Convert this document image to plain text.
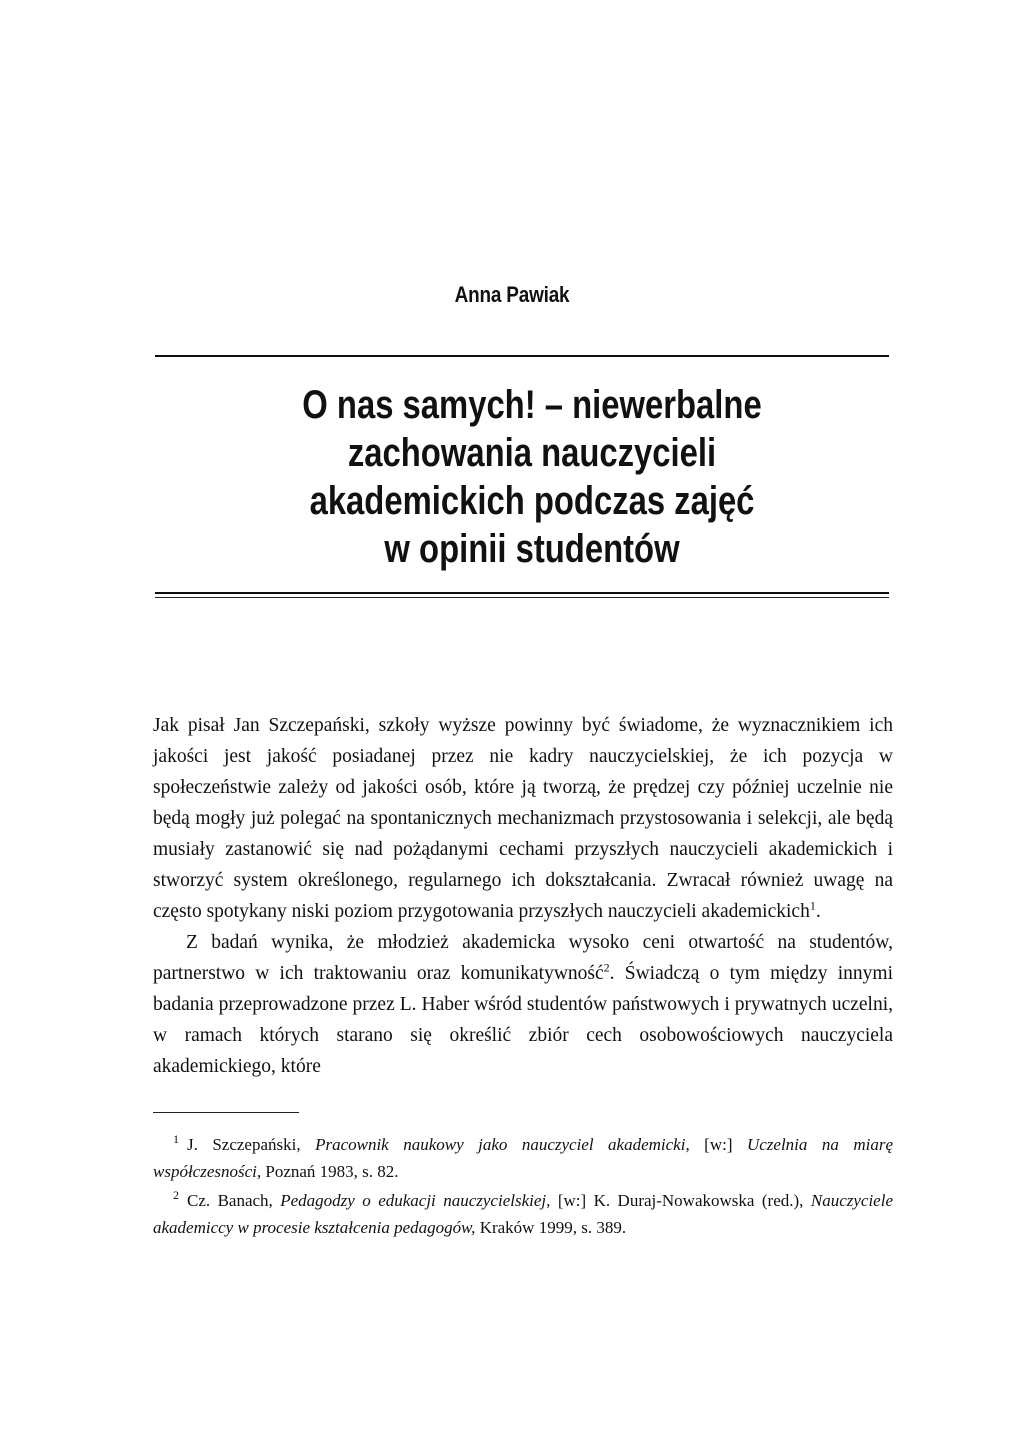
Anna Pawiak
O nas samych! – niewerbalne
zachowania nauczycieli
akademickich podczas zajęć
w opinii studentów

Jak pisał Jan Szczepański, szkoły wyższe powinny być świadome, że wyznacznikiem ich jakości jest jakość posiadanej przez nie kadry nauczycielskiej, że ich pozycja w społeczeństwie zależy od jakości osób, które ją tworzą, że prędzej czy później uczelnie nie będą mogły już polegać na spontanicznych mechanizmach przystosowania i selekcji, ale będą musiały zastanowić się nad pożądanymi cechami przyszłych nauczycieli akademickich i stworzyć system określonego, regularnego ich dokształcania. Zwracał również uwagę na często spotykany niski poziom przygotowania przyszłych nauczycieli akademickich$^1$.

Z badań wynika, że młodzież akademicka wysoko ceni otwartość na studentów, partnerstwo w ich traktowaniu oraz komunikatywność$^2$. Świadczą o tym między innymi badania przeprowadzone przez L. Haber wśród studentów państwowych i prywatnych uczelni, w ramach których starano się określić zbiór cech osobowościowych nauczyciela akademickiego, które

$^1$ J. Szczepański, Pracownik naukowy jako nauczyciel akademicki, [w:] Uczelnia na miarę współczesności, Poznań 1983, s. 82.

$^2$ Cz. Banach, Pedagodzy o edukacji nauczycielskiej, [w:] K. Duraj-Nowakowska (red.), Nauczyciele akademiccy w procesie kształcenia pedagogów, Kraków 1999, s. 389.
